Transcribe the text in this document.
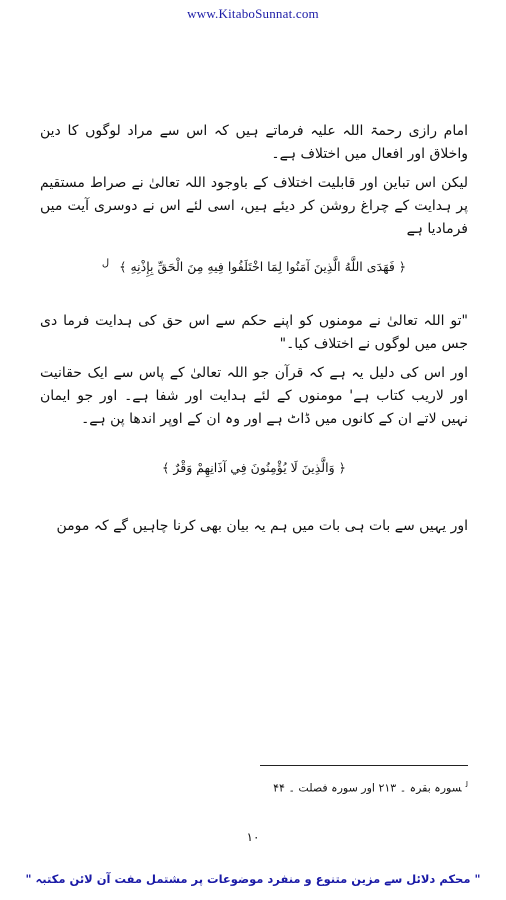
www.KitaboSunnat.com

امام رازی رحمۃ اللہ علیہ فرماتے ہیں کہ اس سے مراد لوگوں کا دین واخلاق اور افعال میں اختلاف ہے۔

لیکن اس تباین اور قابلیت اختلاف کے باوجود اللہ تعالیٰ نے صراط مستقیم پر ہدایت کے چراغ روشن کر دیئے ہیں، اسی لئے اس نے دوسری آیت میں فرمادیا ہے

﴿ فَهَدَى اللَّهُ الَّذِينَ آمَنُوا لِمَا اخْتَلَفُوا فِيهِ مِنَ الْحَقِّ بِإِذْنِهِ ﴾$^ل$

"تو اللہ تعالیٰ نے مومنوں کو اپنے حکم سے اس حق کی ہدایت فرما دی جس میں لوگوں نے اختلاف کیا۔"

اور اس کی دلیل یہ ہے کہ قرآن جو اللہ تعالیٰ کے پاس سے ایک حقانیت اور لاریب کتاب ہے' مومنوں کے لئے ہدایت اور شفا ہے۔ اور جو ایمان نہیں لاتے ان کے کانوں میں ڈاٹ ہے اور وہ ان کے اوپر اندھا پن ہے۔

﴿ وَالَّذِينَ لَا يُؤْمِنُونَ فِي آذَانِهِمْ وَقْرٌ ﴾

اور یہیں سے بات ہی بات میں ہم یہ بیان بھی کرنا چاہیں گے کہ مومن

$^ل$سورہ بقرہ ۔ ۲۱۳ اور سورہ فصلت ۔ ۴۴
۱۰
" محکم دلائل سے مزین متنوع و منفرد موضوعات پر مشتمل مفت آن لائن مکتبہ "
